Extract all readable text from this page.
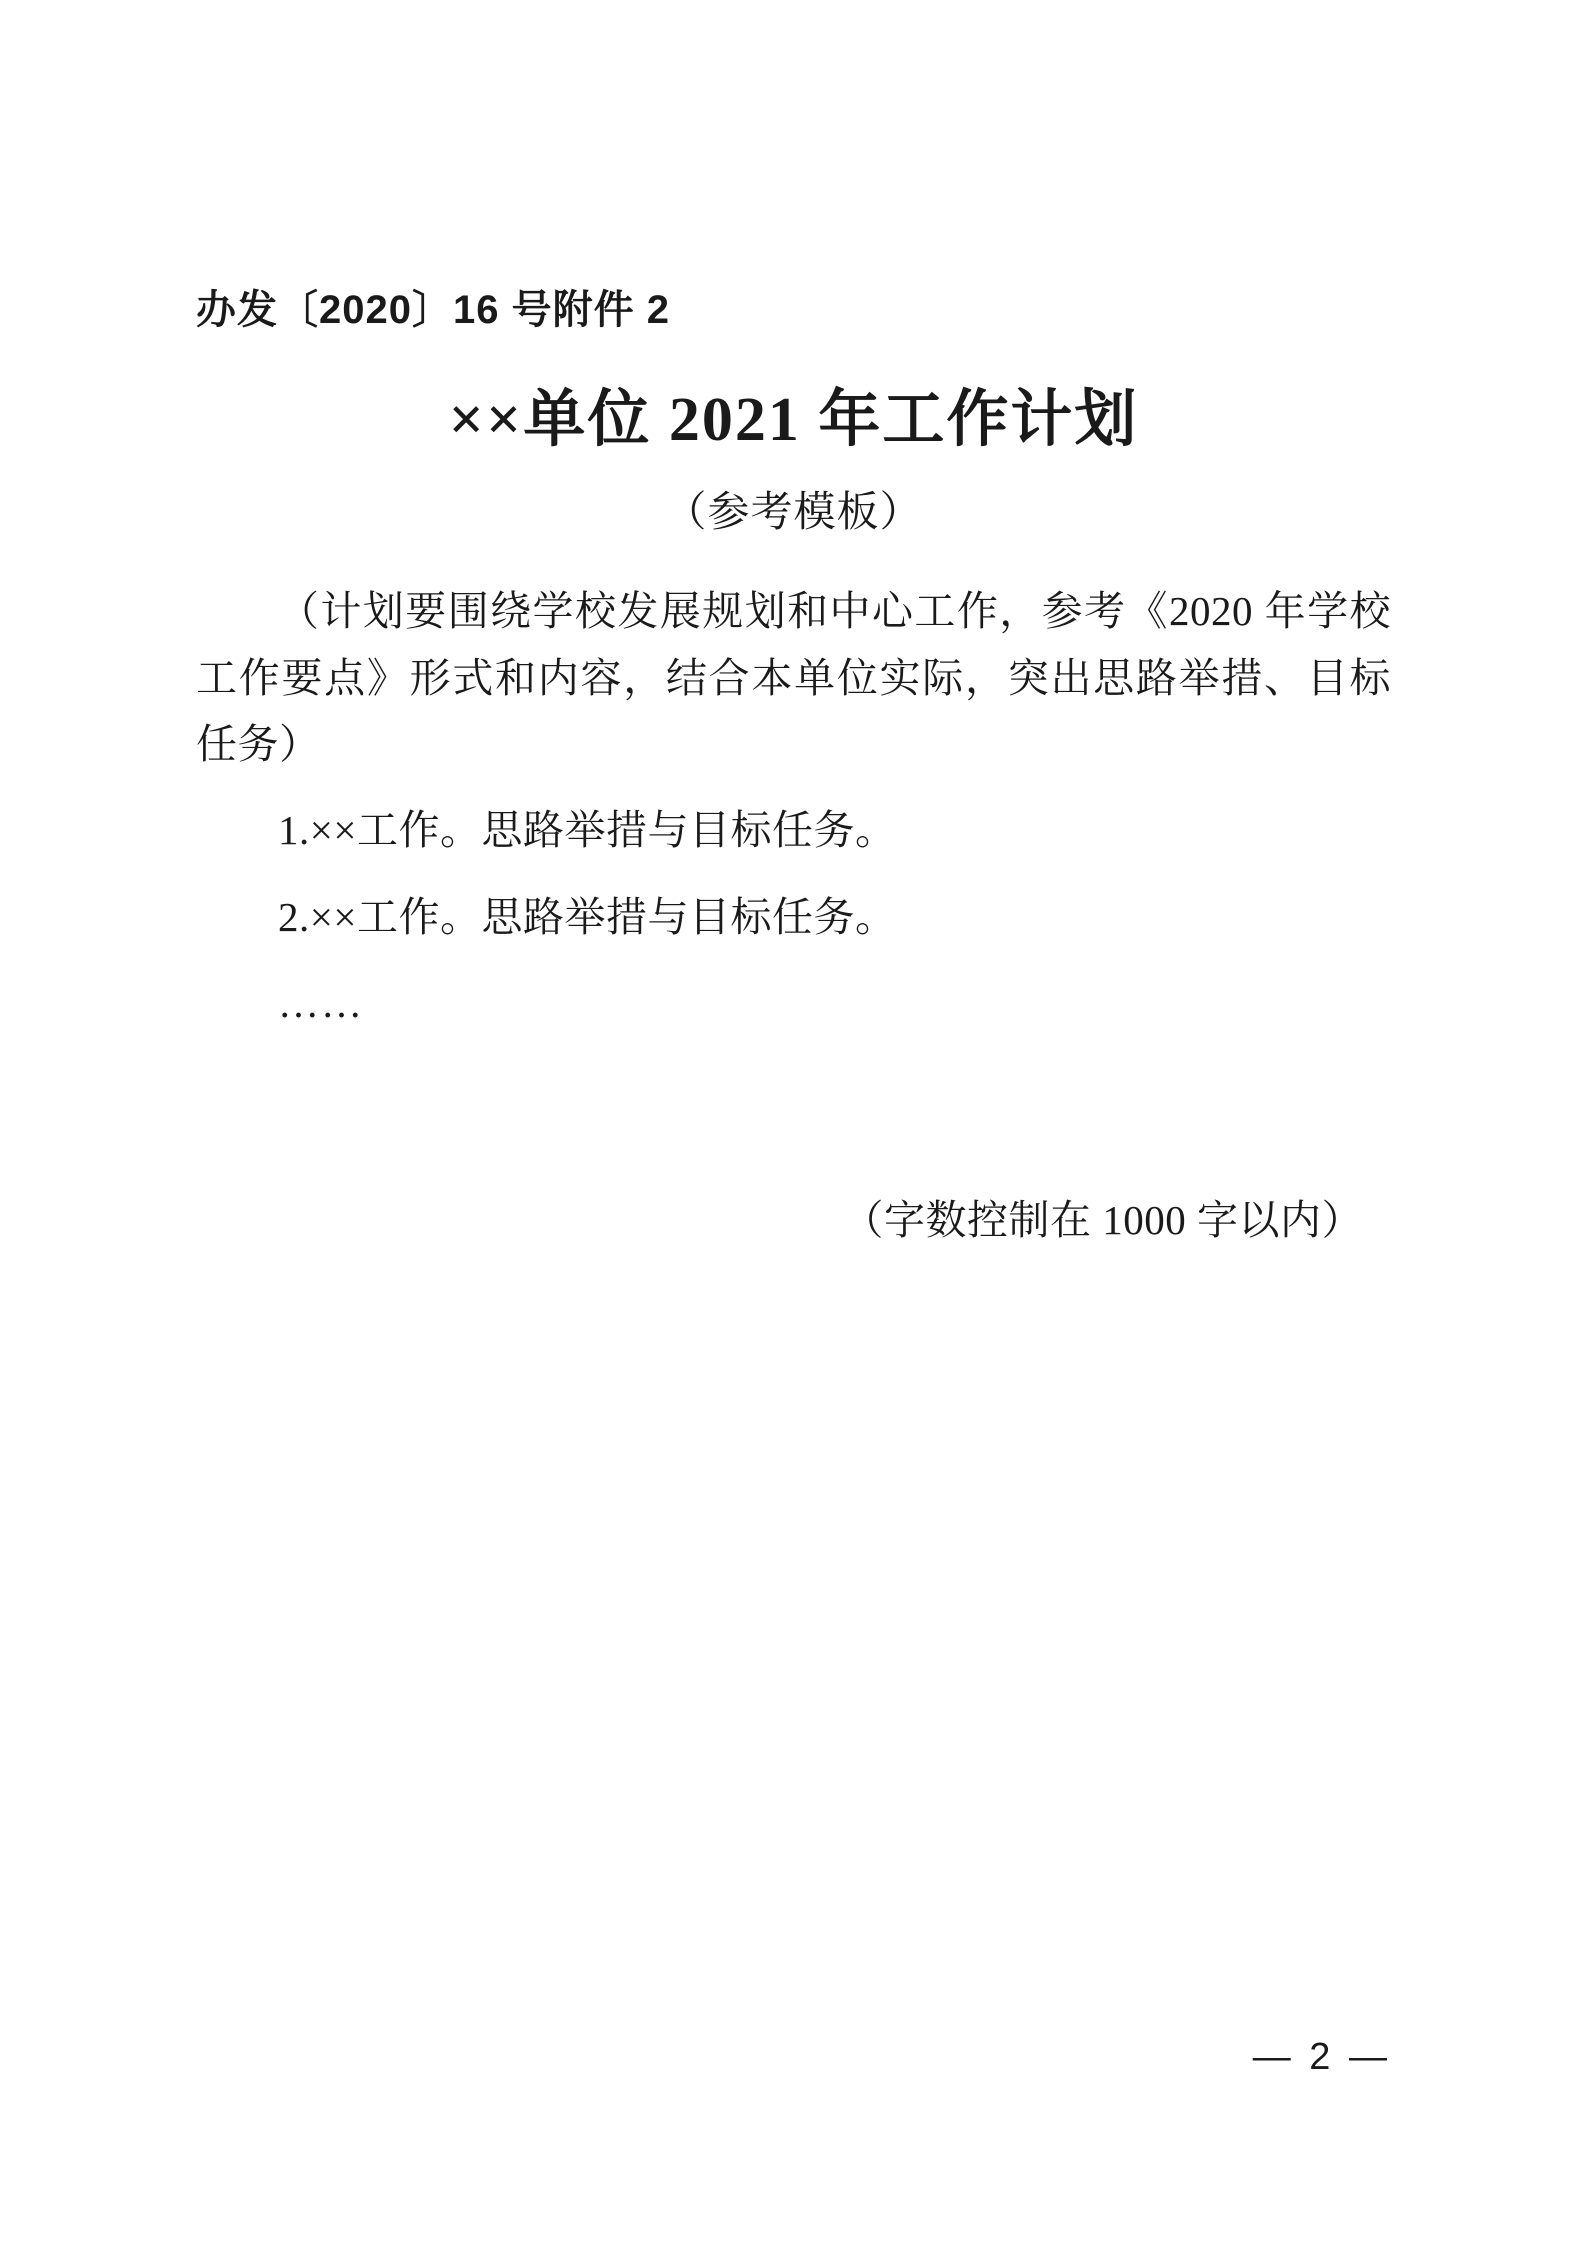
办发〔2020〕16 号附件 2
××单位 2021 年工作计划
（参考模板）
（计划要围绕学校发展规划和中心工作，参考《2020 年学校工作要点》形式和内容，结合本单位实际，突出思路举措、目标任务）
1.××工作。思路举措与目标任务。
2.××工作。思路举措与目标任务。
……
（字数控制在 1000 字以内）
— 2 —
